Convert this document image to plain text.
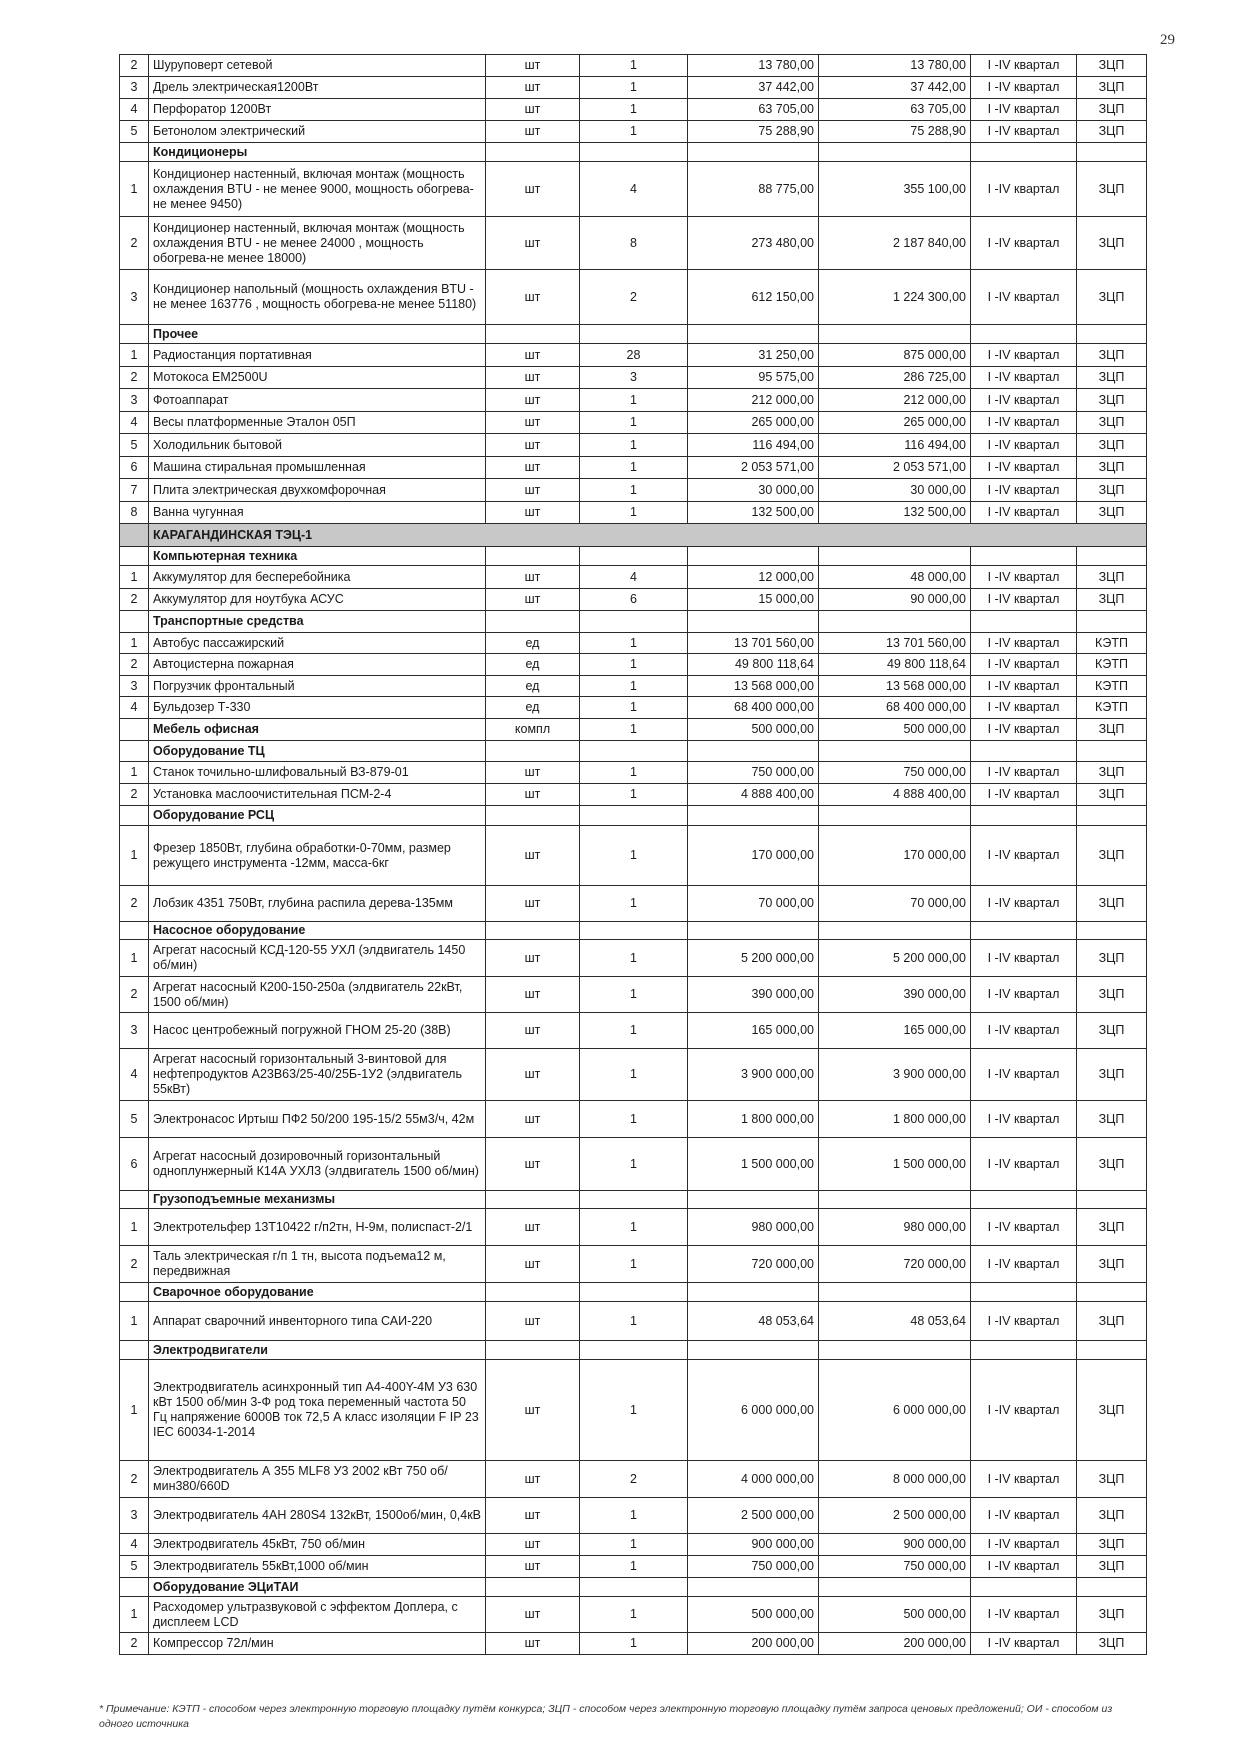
29
2	Шуруповерт сетевой	шт	1	13 780,00	13 780,00	I -IV квартал	ЗЦП
3	Дрель электрическая1200Вт	шт	1	37 442,00	37 442,00	I -IV квартал	ЗЦП
4	Перфоратор 1200Вт	шт	1	63 705,00	63 705,00	I -IV квартал	ЗЦП
5	Бетонолом электрический	шт	1	75 288,90	75 288,90	I -IV квартал	ЗЦП
	Кондиционеры						
1	Кондиционер настенный, включая монтаж (мощность охлаждения BTU - не менее 9000, мощность обогрева-не менее 9450)	шт	4	88 775,00	355 100,00	I -IV квартал	ЗЦП
2	Кондиционер настенный, включая монтаж (мощность охлаждения BTU - не менее 24000 , мощность обогрева-не менее 18000)	шт	8	273 480,00	2 187 840,00	I -IV квартал	ЗЦП
3	Кондиционер напольный (мощность охлаждения BTU - не менее 163776 , мощность обогрева-не менее 51180)	шт	2	612 150,00	1 224 300,00	I -IV квартал	ЗЦП
	Прочее						
1	Радиостанция портативная	шт	28	31 250,00	875 000,00	I -IV квартал	ЗЦП
2	Мотокоса EM2500U	шт	3	95 575,00	286 725,00	I -IV квартал	ЗЦП
3	Фотоаппарат	шт	1	212 000,00	212 000,00	I -IV квартал	ЗЦП
4	Весы платформенные Эталон 05П	шт	1	265 000,00	265 000,00	I -IV квартал	ЗЦП
5	Холодильник бытовой	шт	1	116 494,00	116 494,00	I -IV квартал	ЗЦП
6	Машина стиральная промышленная	шт	1	2 053 571,00	2 053 571,00	I -IV квартал	ЗЦП
7	Плита электрическая двухкомфорочная	шт	1	30 000,00	30 000,00	I -IV квартал	ЗЦП
8	Ванна чугунная	шт	1	132 500,00	132 500,00	I -IV квартал	ЗЦП
	КАРАГАНДИНСКАЯ ТЭЦ-1						
	Компьютерная техника						
1	Аккумулятор для бесперебойника	шт	4	12 000,00	48 000,00	I -IV квартал	ЗЦП
2	Аккумулятор для ноутбука АСУС	шт	6	15 000,00	90 000,00	I -IV квартал	ЗЦП
	Транспортные средства						
1	Автобус пассажирский	ед	1	13 701 560,00	13 701 560,00	I -IV квартал	КЭТП
2	Автоцистерна пожарная	ед	1	49 800 118,64	49 800 118,64	I -IV квартал	КЭТП
3	Погрузчик фронтальный	ед	1	13 568 000,00	13 568 000,00	I -IV квартал	КЭТП
4	Бульдозер Т-330	ед	1	68 400 000,00	68 400 000,00	I -IV квартал	КЭТП
	Мебель офисная	компл	1	500 000,00	500 000,00	I -IV квартал	ЗЦП
	Оборудование ТЦ						
1	Станок точильно-шлифовальный ВЗ-879-01	шт	1	750 000,00	750 000,00	I -IV квартал	ЗЦП
2	Установка маслоочистительная ПСМ-2-4	шт	1	4 888 400,00	4 888 400,00	I -IV квартал	ЗЦП
	Оборудование РСЦ						
1	Фрезер 1850Вт, глубина обработки-0-70мм, размер режущего инструмента -12мм, масса-6кг	шт	1	170 000,00	170 000,00	I -IV квартал	ЗЦП
2	Лобзик 4351 750Вт, глубина распила дерева-135мм	шт	1	70 000,00	70 000,00	I -IV квартал	ЗЦП
	Насосное оборудование						
1	Агрегат насосный КСД-120-55 УХЛ (элдвигатель 1450 об/мин)	шт	1	5 200 000,00	5 200 000,00	I -IV квартал	ЗЦП
2	Агрегат насосный К200-150-250а (элдвигатель 22кВт, 1500 об/мин)	шт	1	390 000,00	390 000,00	I -IV квартал	ЗЦП
3	Насос центробежный погружной ГНОМ 25-20 (38В)	шт	1	165 000,00	165 000,00	I -IV квартал	ЗЦП
4	Агрегат насосный горизонтальный 3-винтовой для нефтепродуктов А23В63/25-40/25Б-1У2 (элдвигатель 55кВт)	шт	1	3 900 000,00	3 900 000,00	I -IV квартал	ЗЦП
5	Электронасос Иртыш ПФ2 50/200 195-15/2 55м3/ч, 42м	шт	1	1 800 000,00	1 800 000,00	I -IV квартал	ЗЦП
6	Агрегат насосный дозировочный горизонтальный одноплунжерный К14А УХЛ3 (элдвигатель 1500 об/мин)	шт	1	1 500 000,00	1 500 000,00	I -IV квартал	ЗЦП
	Грузоподъемные механизмы						
1	Электротельфер 13Т10422 г/п2тн, Н-9м, полиспаст-2/1	шт	1	980 000,00	980 000,00	I -IV квартал	ЗЦП
2	Таль электрическая г/п 1 тн, высота подъема12 м, передвижная	шт	1	720 000,00	720 000,00	I -IV квартал	ЗЦП
	Сварочное оборудование						
1	Аппарат сварочний инвенторного типа САИ-220	шт	1	48 053,64	48 053,64	I -IV квартал	ЗЦП
	Электродвигатели						
1	Электродвигатель асинхронный тип А4-400Y-4М У3 630 кВт 1500 об/мин 3-Ф род тока переменный частота 50 Гц напряжение 6000В ток 72,5 А класс изоляции F IP 23 IEC 60034-1-2014	шт	1	6 000 000,00	6 000 000,00	I -IV квартал	ЗЦП
2	Электродвигатель А 355 MLF8 У3 2002 кВт 750 об/мин380/660D	шт	2	4 000 000,00	8 000 000,00	I -IV квартал	ЗЦП
3	Электродвигатель 4АН 280S4 132кВт, 1500об/мин, 0,4кВ	шт	1	2 500 000,00	2 500 000,00	I -IV квартал	ЗЦП
4	Электродвигатель 45кВт, 750 об/мин	шт	1	900 000,00	900 000,00	I -IV квартал	ЗЦП
5	Электродвигатель 55кВт,1000 об/мин	шт	1	750 000,00	750 000,00	I -IV квартал	ЗЦП
	Оборудование ЭЦиТАИ						
1	Расходомер ультразвуковой с эффектом Доплера, с дисплеем LCD	шт	1	500 000,00	500 000,00	I -IV квартал	ЗЦП
2	Компрессор 72л/мин	шт	1	200 000,00	200 000,00	I -IV квартал	ЗЦП
* Примечание: КЭТП - способом через электронную торговую площадку путём конкурса; ЗЦП - способом через электронную торговую площадку путём запроса ценовых предложений; ОИ - способом из одного источника
